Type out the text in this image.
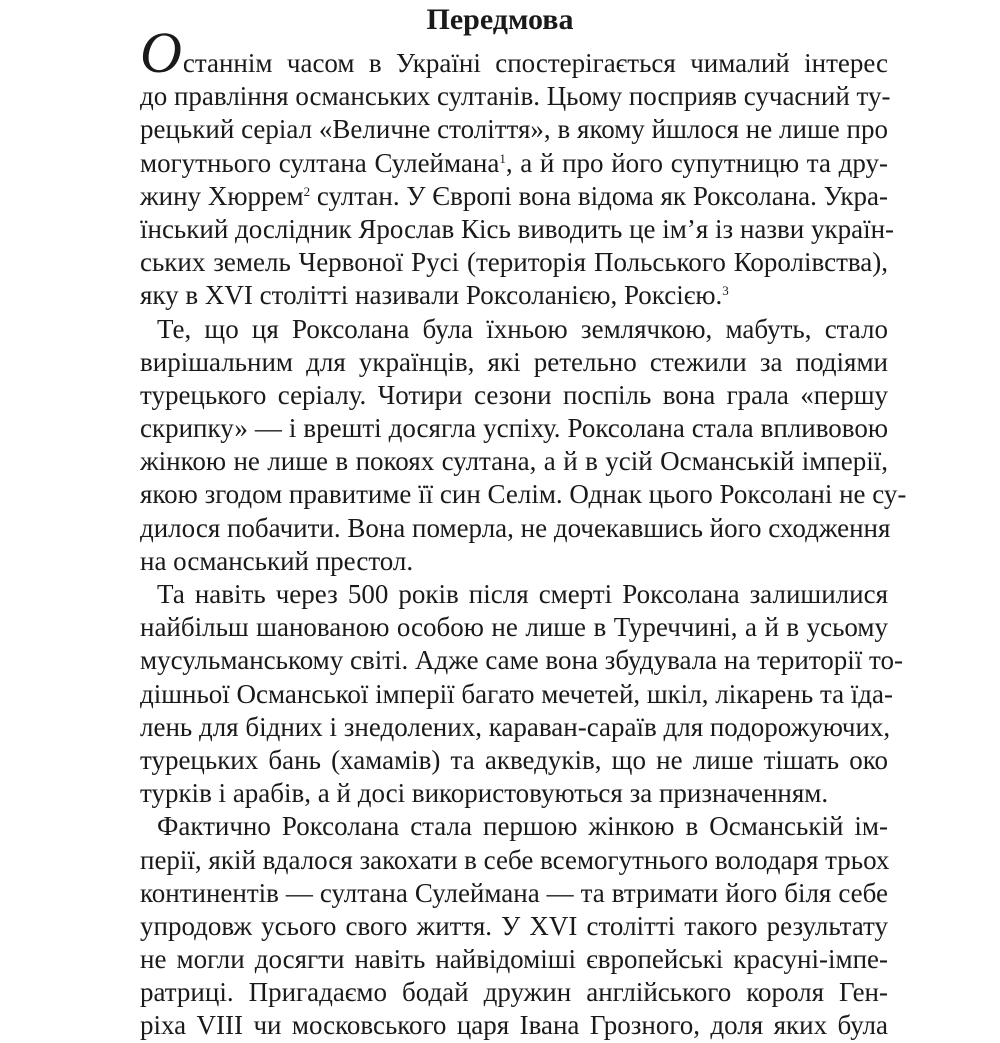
Передмова
Останнім часом в Україні спостерігається чималий інтерес
до правління османських султанів. Цьому посприяв сучасний ту-
рецький серіал «Величне століття», в якому йшлося не лише про
могутнього султана Сулеймана$^1$, а й про його супутницю та дру-
жину Хюррем$^2$ султан. У Європі вона відома як Роксолана. Укра-
їнський дослідник Ярослав Кісь виводить це ім’я із назви україн-
ських земель Червоної Русі (територія Польського Королівства),
яку в XVI столітті називали Роксоланією, Роксією.$^3$
Те, що ця Роксолана була їхньою землячкою, мабуть, стало
вирішальним для українців, які ретельно стежили за подіями
турецького серіалу. Чотири сезони поспіль вона грала «першу
скрипку» — і врешті досягла успіху. Роксолана стала впливовою
жінкою не лише в покоях султана, а й в усій Османській імперії,
якою згодом правитиме її син Селім. Однак цього Роксолані не су-
дилося побачити. Вона померла, не дочекавшись його сходження
на османський престол.
Та навіть через 500 років після смерті Роксолана залишилися
найбільш шанованою особою не лише в Туреччині, а й в усьому
мусульманському світі. Адже саме вона збудувала на території то-
дішньої Османської імперії багато мечетей, шкіл, лікарень та їда-
лень для бідних і знедолених, караван-сараїв для подорожуючих,
турецьких бань (хамамів) та акведуків, що не лише тішать око
турків і арабів, а й досі використовуються за призначенням.
Фактично Роксолана стала першою жінкою в Османській ім-
перії, якій вдалося закохати в себе всемогутнього володаря трьох
континентів — султана Сулеймана — та втримати його біля себе
упродовж усього свого життя. У XVI столітті такого результату
не могли досягти навіть найвідоміші європейські красуні-імпе-
ратриці. Пригадаємо бодай дружин англійського короля Ген-
ріха VIII чи московського царя Івана Грозного, доля яких була
